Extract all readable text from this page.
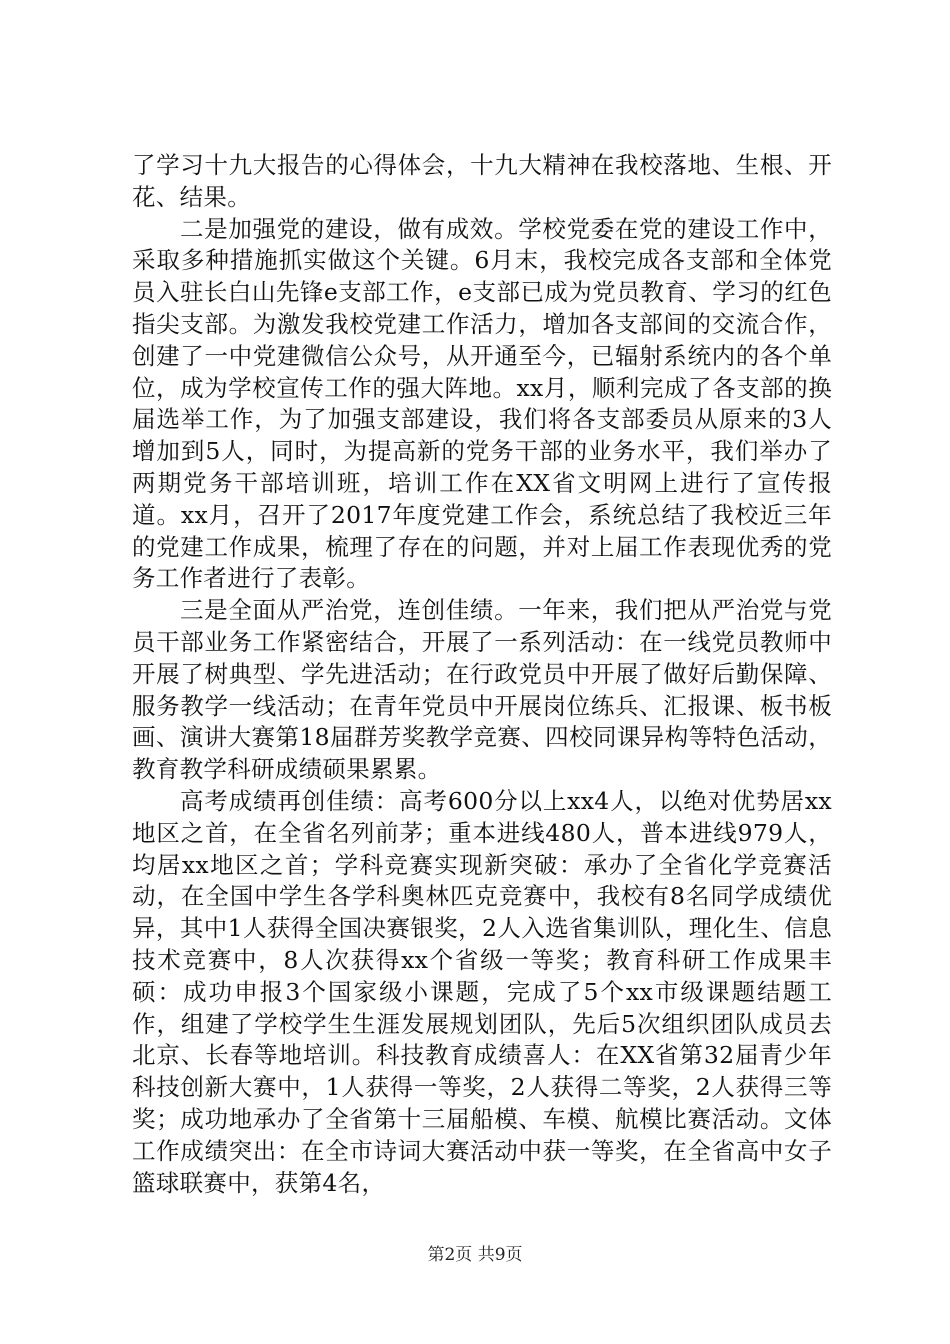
了学习十九大报告的心得体会，十九大精神在我校落地、生根、开花、结果。

二是加强党的建设，做有成效。学校党委在党的建设工作中，采取多种措施抓实做这个关键。6月末，我校完成各支部和全体党员入驻长白山先锋e支部工作，e支部已成为党员教育、学习的红色指尖支部。为激发我校党建工作活力，增加各支部间的交流合作，创建了一中党建微信公众号，从开通至今，已辐射系统内的各个单位，成为学校宣传工作的强大阵地。xx月，顺利完成了各支部的换届选举工作，为了加强支部建设，我们将各支部委员从原来的3人增加到5人，同时，为提高新的党务干部的业务水平，我们举办了两期党务干部培训班，培训工作在XX省文明网上进行了宣传报道。xx月，召开了2017年度党建工作会，系统总结了我校近三年的党建工作成果，梳理了存在的问题，并对上届工作表现优秀的党务工作者进行了表彰。

三是全面从严治党，连创佳绩。一年来，我们把从严治党与党员干部业务工作紧密结合，开展了一系列活动：在一线党员教师中开展了树典型、学先进活动；在行政党员中开展了做好后勤保障、服务教学一线活动；在青年党员中开展岗位练兵、汇报课、板书板画、演讲大赛第18届群芳奖教学竞赛、四校同课异构等特色活动，教育教学科研成绩硕果累累。

高考成绩再创佳绩：高考600分以上xx4人，以绝对优势居xx地区之首，在全省名列前茅；重本进线480人，普本进线979人，均居xx地区之首；学科竞赛实现新突破：承办了全省化学竞赛活动，在全国中学生各学科奥林匹克竞赛中，我校有8名同学成绩优异，其中1人获得全国决赛银奖，2人入选省集训队，理化生、信息技术竞赛中，8人次获得xx个省级一等奖；教育科研工作成果丰硕：成功申报3个国家级小课题，完成了5个xx市级课题结题工作，组建了学校学生生涯发展规划团队，先后5次组织团队成员去北京、长春等地培训。科技教育成绩喜人：在XX省第32届青少年科技创新大赛中，1人获得一等奖，2人获得二等奖，2人获得三等奖；成功地承办了全省第十三届船模、车模、航模比赛活动。文体工作成绩突出：在全市诗词大赛活动中获一等奖，在全省高中女子篮球联赛中，获第4名，

第2页 共9页
